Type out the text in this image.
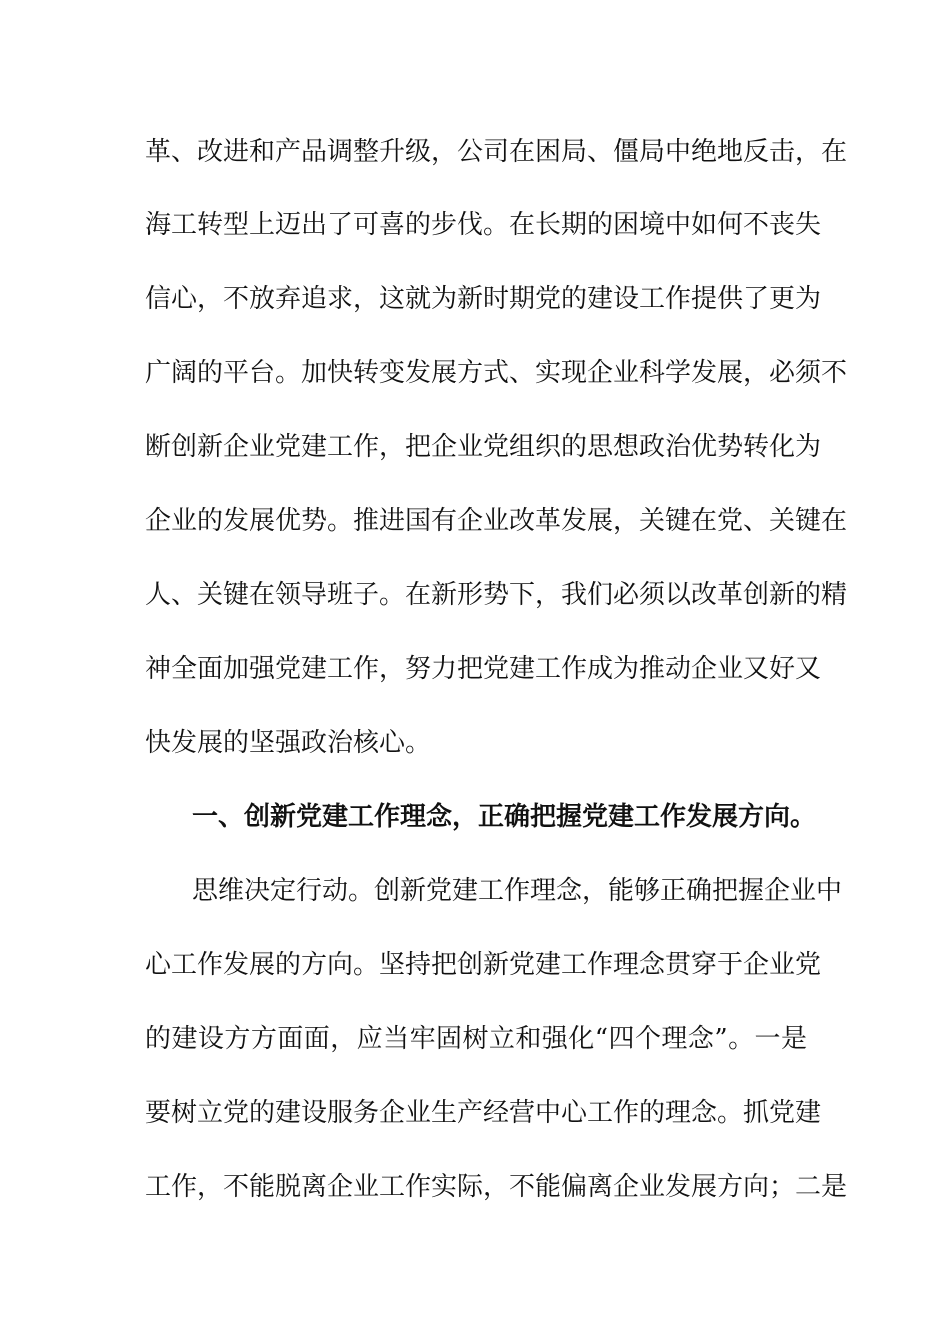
革、改进和产品调整升级，公司在困局、僵局中绝地反击，在
海工转型上迈出了可喜的步伐。在长期的困境中如何不丧失
信心，不放弃追求，这就为新时期党的建设工作提供了更为
广阔的平台。加快转变发展方式、实现企业科学发展，必须不
断创新企业党建工作，把企业党组织的思想政治优势转化为
企业的发展优势。推进国有企业改革发展，关键在党、关键在
人、关键在领导班子。在新形势下，我们必须以改革创新的精
神全面加强党建工作，努力把党建工作成为推动企业又好又
快发展的坚强政治核心。
一、创新党建工作理念，正确把握党建工作发展方向。
思维决定行动。创新党建工作理念，能够正确把握企业中
心工作发展的方向。坚持把创新党建工作理念贯穿于企业党
的建设方方面面，应当牢固树立和强化“四个理念”。一是
要树立党的建设服务企业生产经营中心工作的理念。抓党建
工作，不能脱离企业工作实际，不能偏离企业发展方向；二是
